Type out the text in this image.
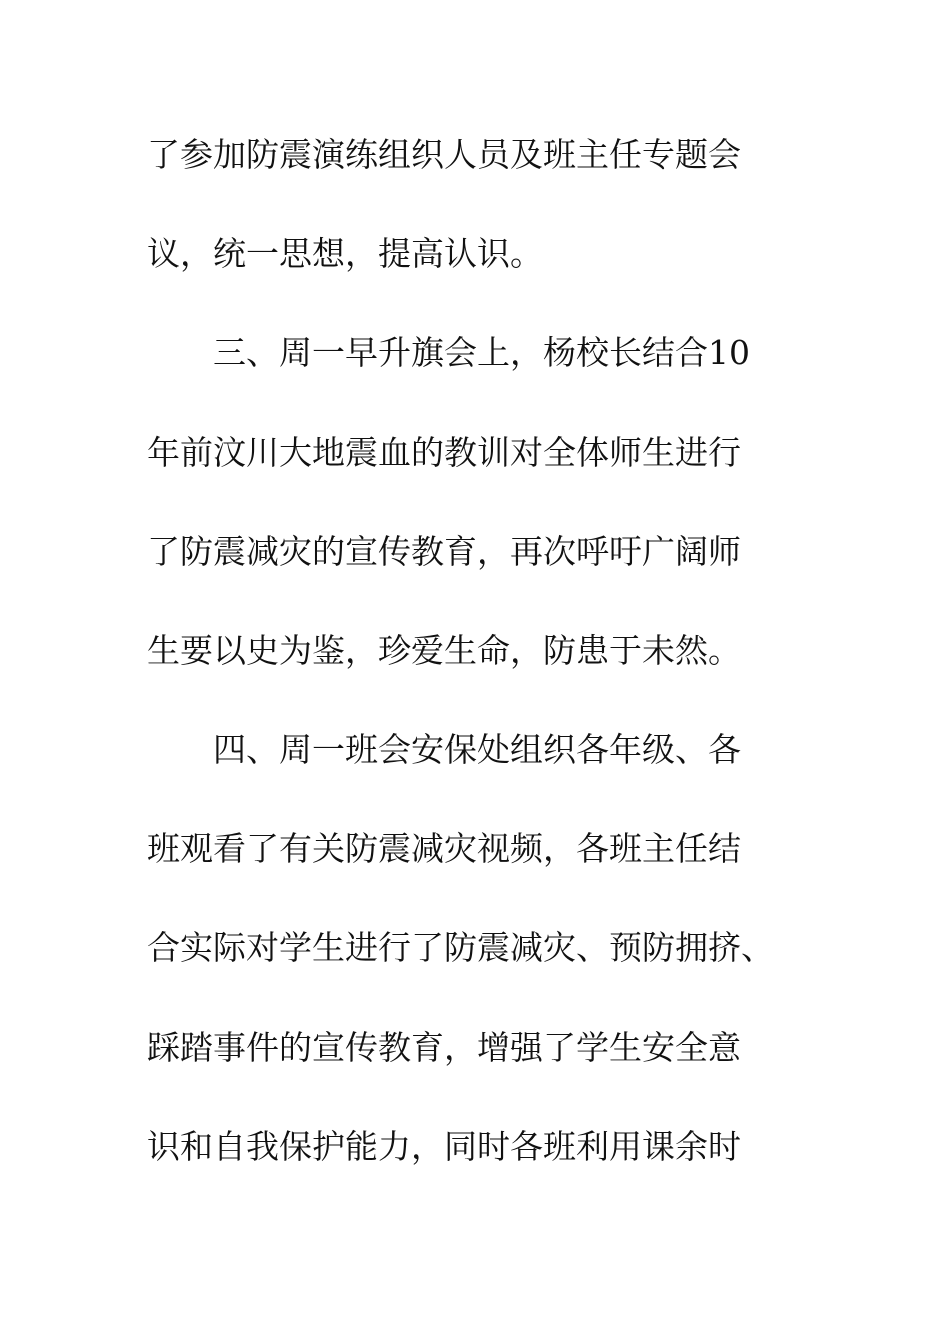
了参加防震演练组织人员及班主任专题会
议，统一思想，提高认识。
　　三、周一早升旗会上，杨校长结合10
年前汶川大地震血的教训对全体师生进行
了防震减灾的宣传教育，再次呼吁广阔师
生要以史为鉴，珍爱生命，防患于未然。
　　四、周一班会安保处组织各年级、各
班观看了有关防震减灾视频，各班主任结
合实际对学生进行了防震减灾、预防拥挤、
踩踏事件的宣传教育，增强了学生安全意
识和自我保护能力，同时各班利用课余时
